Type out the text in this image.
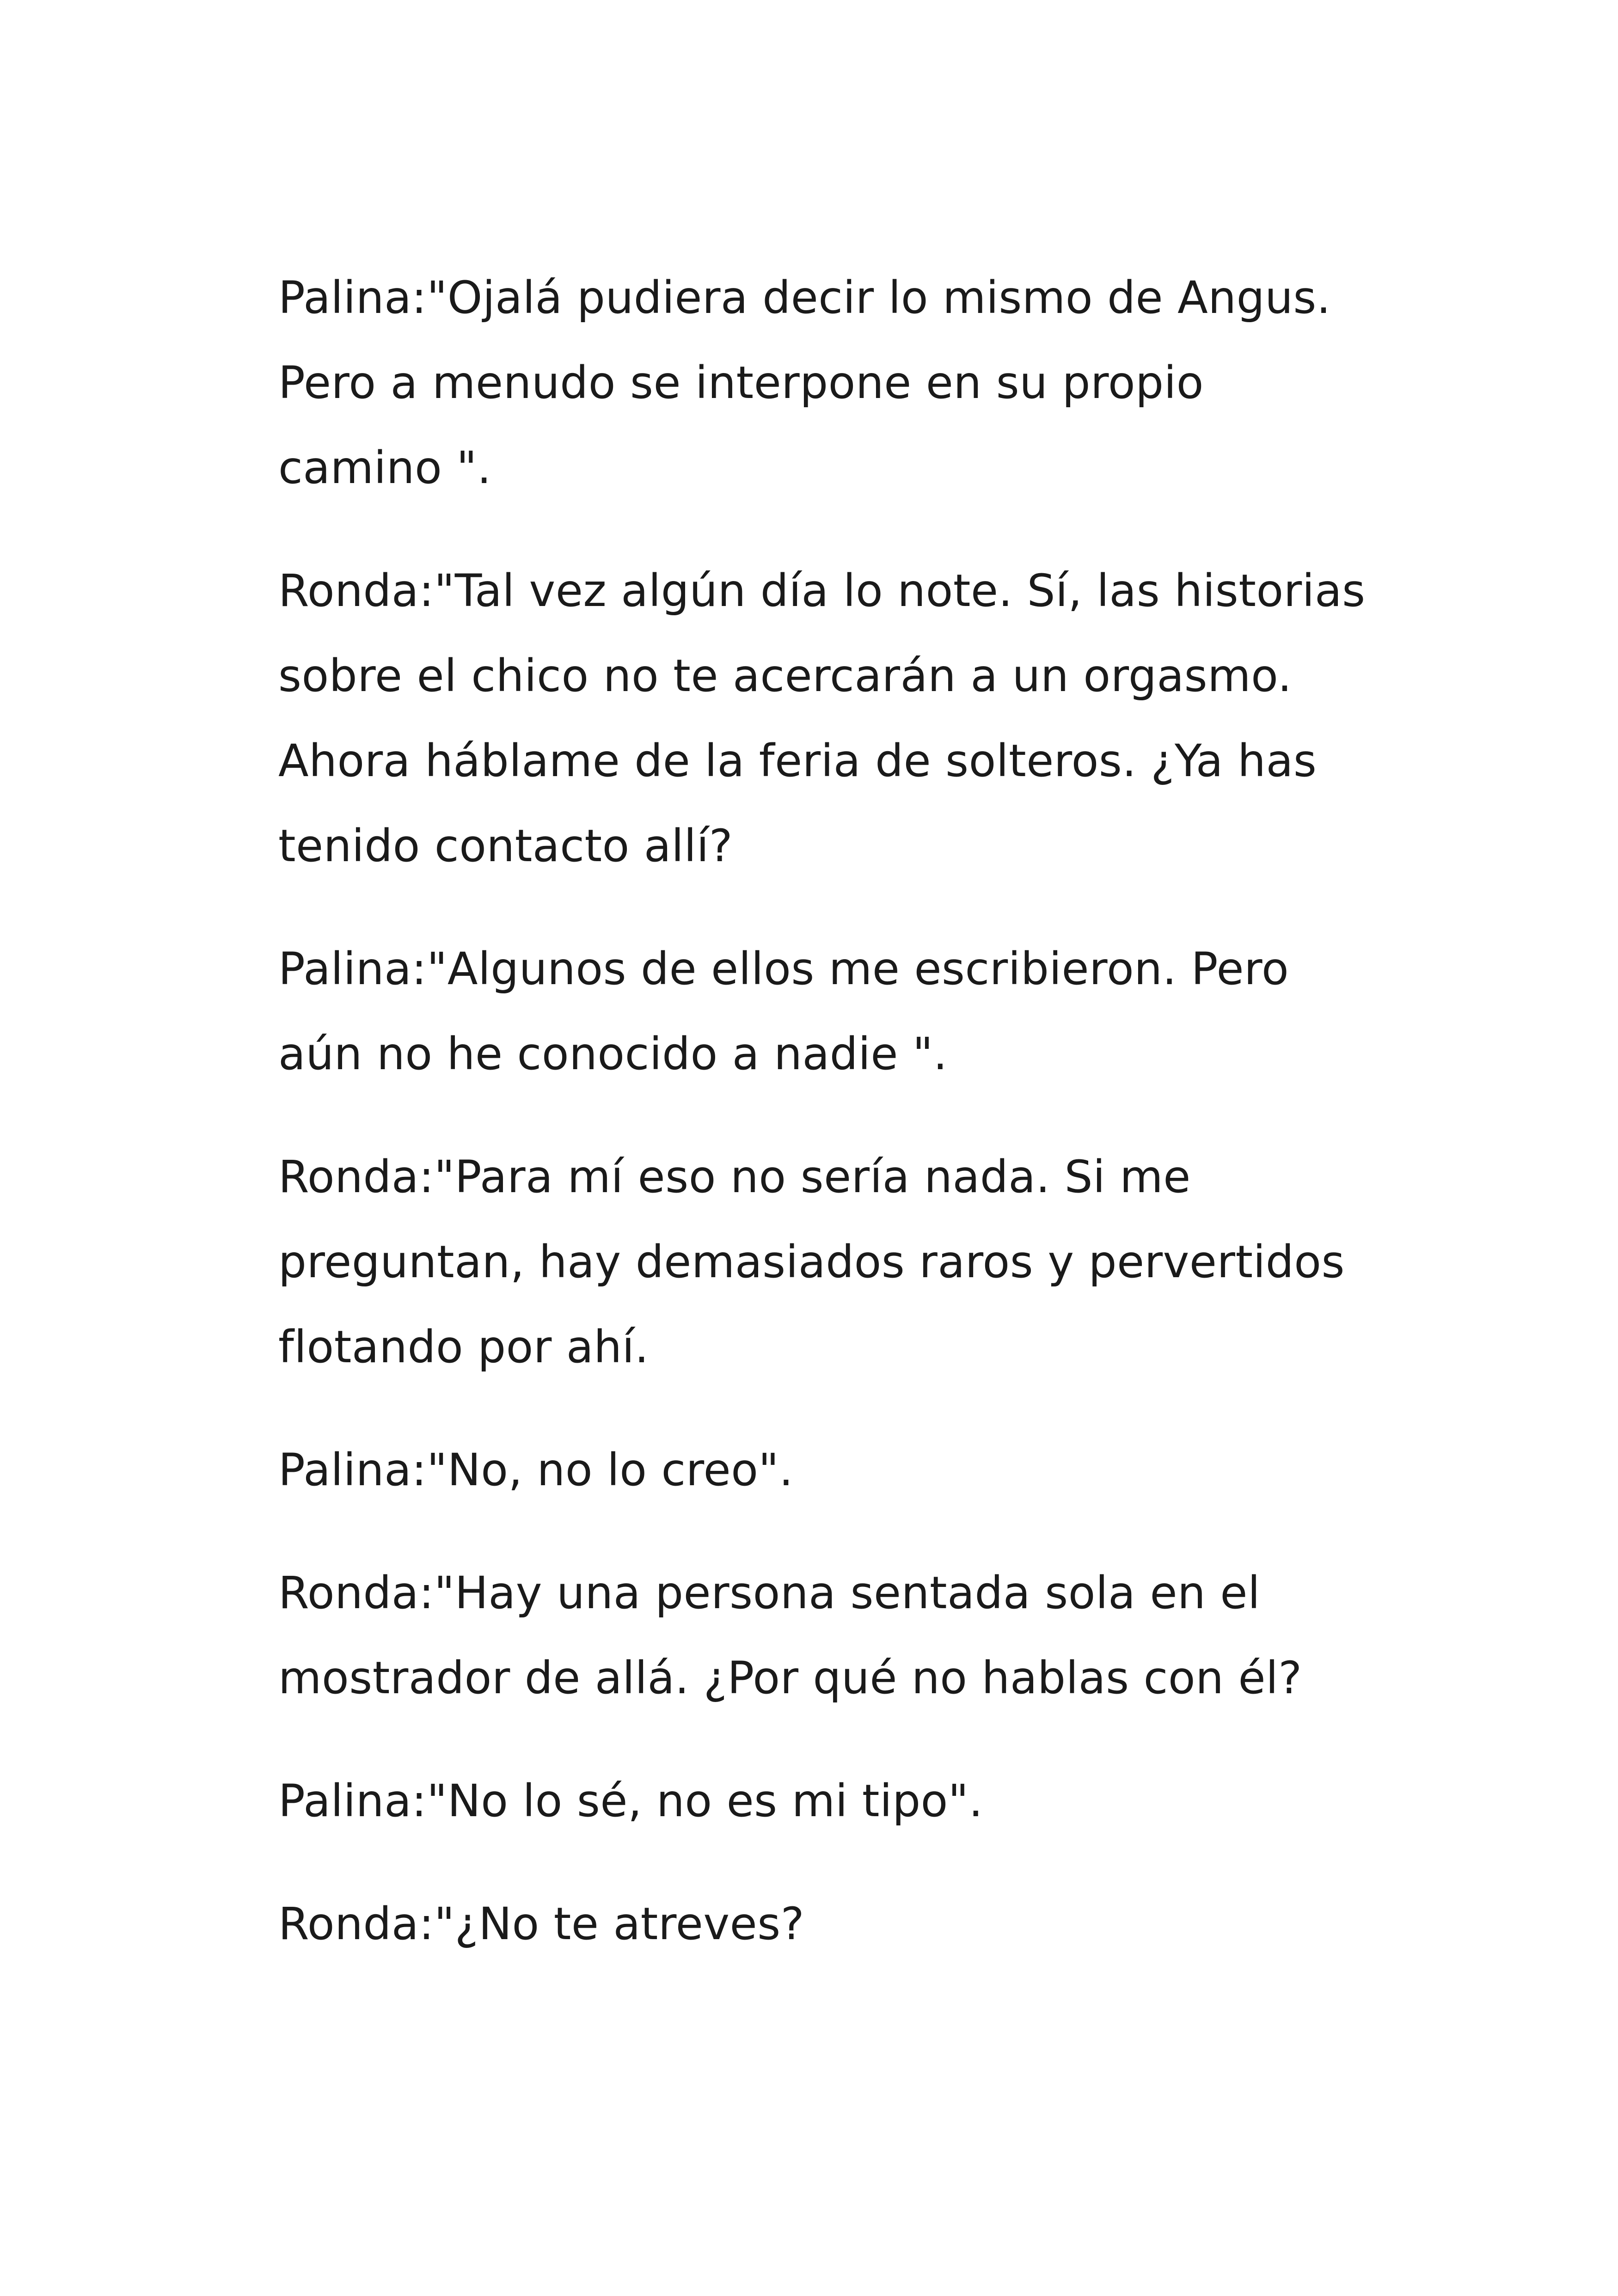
Palina:"Ojalá pudiera decir lo mismo de Angus.
Pero a menudo se interpone en su propio
camino ".

Ronda:"Tal vez algún día lo note. Sí, las historias
sobre el chico no te acercarán a un orgasmo.
Ahora háblame de la feria de solteros. ¿Ya has
tenido contacto allí?

Palina:"Algunos de ellos me escribieron. Pero
aún no he conocido a nadie ".

Ronda:"Para mí eso no sería nada. Si me
preguntan, hay demasiados raros y pervertidos
flotando por ahí.

Palina:"No, no lo creo".

Ronda:"Hay una persona sentada sola en el
mostrador de allá. ¿Por qué no hablas con él?

Palina:"No lo sé, no es mi tipo".

Ronda:"¿No te atreves?
